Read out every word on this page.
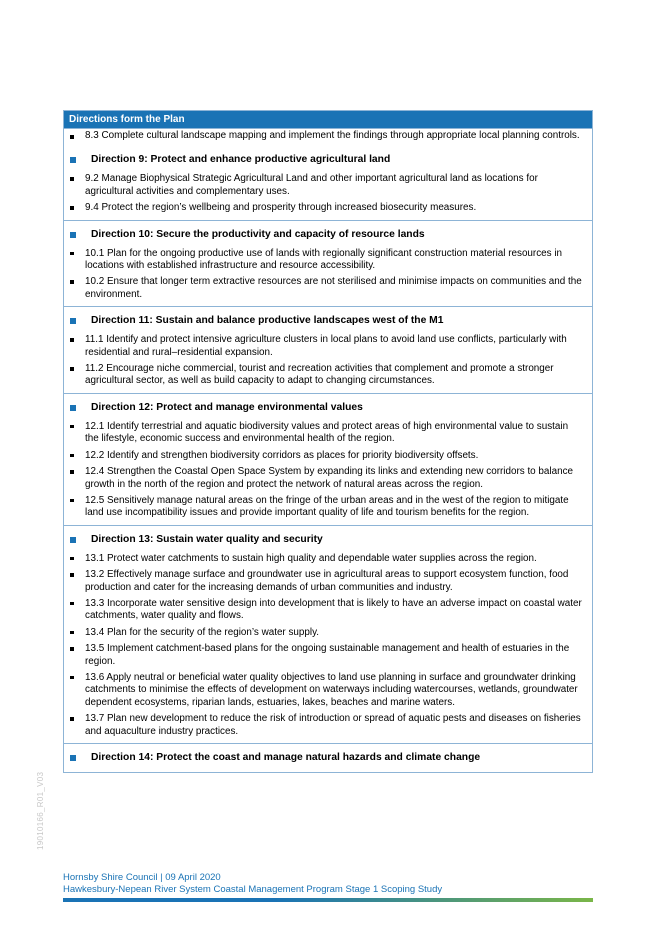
Directions form the Plan
8.3 Complete cultural landscape mapping and implement the findings through appropriate local planning controls.
Direction 9: Protect and enhance productive agricultural land
9.2 Manage Biophysical Strategic Agricultural Land and other important agricultural land as locations for agricultural activities and complementary uses.
9.4 Protect the region’s wellbeing and prosperity through increased biosecurity measures.
Direction 10: Secure the productivity and capacity of resource lands
10.1 Plan for the ongoing productive use of lands with regionally significant construction material resources in locations with established infrastructure and resource accessibility.
10.2 Ensure that longer term extractive resources are not sterilised and minimise impacts on communities and the environment.
Direction 11: Sustain and balance productive landscapes west of the M1
11.1 Identify and protect intensive agriculture clusters in local plans to avoid land use conflicts, particularly with residential and rural–residential expansion.
11.2 Encourage niche commercial, tourist and recreation activities that complement and promote a stronger agricultural sector, as well as build capacity to adapt to changing circumstances.
Direction 12: Protect and manage environmental values
12.1 Identify terrestrial and aquatic biodiversity values and protect areas of high environmental value to sustain the lifestyle, economic success and environmental health of the region.
12.2 Identify and strengthen biodiversity corridors as places for priority biodiversity offsets.
12.4 Strengthen the Coastal Open Space System by expanding its links and extending new corridors to balance growth in the north of the region and protect the network of natural areas across the region.
12.5 Sensitively manage natural areas on the fringe of the urban areas and in the west of the region to mitigate land use incompatibility issues and provide important quality of life and tourism benefits for the region.
Direction 13: Sustain water quality and security
13.1 Protect water catchments to sustain high quality and dependable water supplies across the region.
13.2 Effectively manage surface and groundwater use in agricultural areas to support ecosystem function, food production and cater for the increasing demands of urban communities and industry.
13.3 Incorporate water sensitive design into development that is likely to have an adverse impact on coastal water catchments, water quality and flows.
13.4 Plan for the security of the region’s water supply.
13.5 Implement catchment-based plans for the ongoing sustainable management and health of estuaries in the region.
13.6 Apply neutral or beneficial water quality objectives to land use planning in surface and groundwater drinking catchments to minimise the effects of development on waterways including watercourses, wetlands, groundwater dependent ecosystems, riparian lands, estuaries, lakes, beaches and marine waters.
13.7 Plan new development to reduce the risk of introduction or spread of aquatic pests and diseases on fisheries and aquaculture industry practices.
Direction 14: Protect the coast and manage natural hazards and climate change
19010166_R01_V03
Hornsby Shire Council | 09 April 2020
Hawkesbury-Nepean River System Coastal Management Program Stage 1 Scoping Study
